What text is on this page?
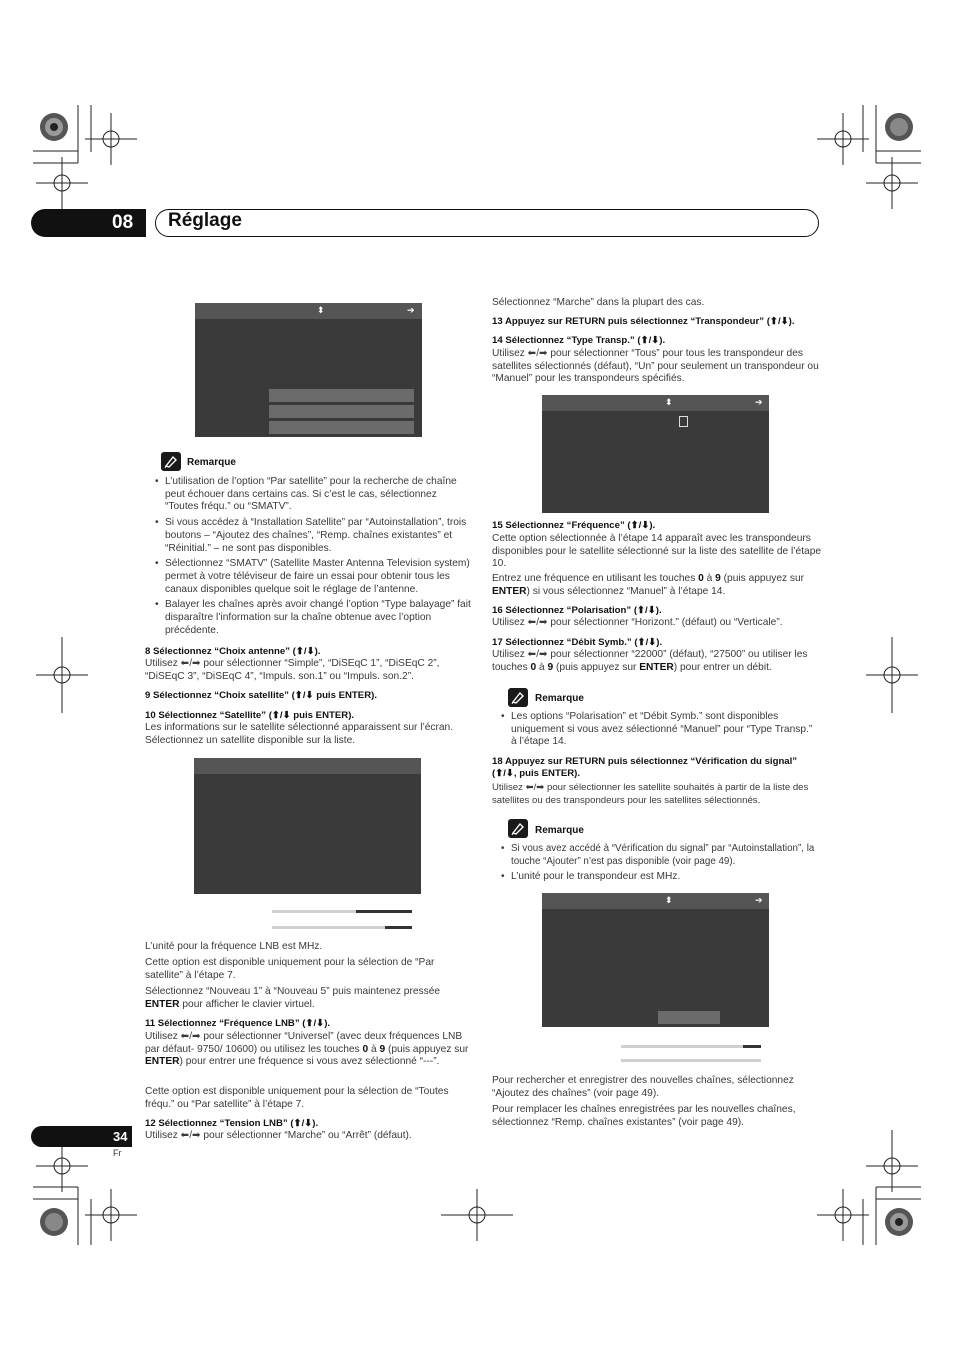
08 Réglage
⬍	➔
Remarque
• L’utilisation de l’option “Par satellite” pour la recherche de chaîne peut échouer dans certains cas. Si c’est le cas, sélectionnez “Toutes fréqu.” ou “SMATV”.
• Si vous accédez à “Installation Satellite” par “Autoinstallation”, trois boutons – “Ajoutez des chaînes”, “Remp. chaînes existantes” et “Réinitial.” – ne sont pas disponibles.
• Sélectionnez “SMATV” (Satellite Master Antenna Television system) permet à votre téléviseur de faire un essai pour obtenir tous les canaux disponibles quelque soit le réglage de l’antenne.
• Balayer les chaînes après avoir changé l’option “Type balayage” fait disparaître l’information sur la chaîne obtenue avec l’option précédente.
8 Sélectionnez “Choix antenne” (⬆/⬇).
Utilisez ⬅/➡ pour sélectionner “Simple”, “DiSEqC 1”, “DiSEqC 2”, “DiSEqC 3”, “DiSEqC 4”, “Impuls. son.1” ou “Impuls. son.2”.
9 Sélectionnez “Choix satellite” (⬆/⬇ puis ENTER).
10 Sélectionnez “Satellite” (⬆/⬇ puis ENTER).
Les informations sur le satellite sélectionné apparaissent sur l’écran. Sélectionnez un satellite disponible sur la liste.
L’unité pour la fréquence LNB est MHz.
Cette option est disponible uniquement pour la sélection de “Par satellite” à l’étape 7.
Sélectionnez “Nouveau 1” à “Nouveau 5” puis maintenez pressée ENTER pour afficher le clavier virtuel.
11 Sélectionnez “Fréquence LNB” (⬆/⬇).
Utilisez ⬅/➡ pour sélectionner “Universel” (avec deux fréquences LNB par défaut- 9750/ 10600) ou utilisez les touches 0 à 9 (puis appuyez sur ENTER) pour entrer une fréquence si vous avez sélectionné “---”.
Cette option est disponible uniquement pour la sélection de “Toutes fréqu.” ou “Par satellite” à l’étape 7.
12 Sélectionnez “Tension LNB” (⬆/⬇).
Utilisez ⬅/➡ pour sélectionner “Marche” ou “Arrêt” (défaut).
Sélectionnez “Marche” dans la plupart des cas.
13 Appuyez sur RETURN puis sélectionnez “Transpondeur” (⬆/⬇).
14 Sélectionnez “Type Transp.” (⬆/⬇).
Utilisez ⬅/➡ pour sélectionner “Tous” pour tous les transpondeur des satellites sélectionnés (défaut), “Un” pour seulement un transpondeur ou “Manuel” pour les transpondeurs spécifiés.
⬍	➔
15 Sélectionnez “Fréquence” (⬆/⬇).
Cette option sélectionnée à l’étape 14 apparaît avec les transpondeurs disponibles pour le satellite sélectionné sur la liste des satellite de l’étape 10.
Entrez une fréquence en utilisant les touches 0 à 9 (puis appuyez sur ENTER) si vous sélectionnez “Manuel” à l’étape 14.
16 Sélectionnez “Polarisation” (⬆/⬇).
Utilisez ⬅/➡ pour sélectionner “Horizont.” (défaut) ou “Verticale”.
17 Sélectionnez “Débit Symb.” (⬆/⬇).
Utilisez ⬅/➡ pour sélectionner “22000” (défaut), “27500” ou utiliser les touches 0 à 9 (puis appuyez sur ENTER) pour entrer un débit.
Remarque
• Les options “Polarisation” et “Débit Symb.” sont disponibles uniquement si vous avez sélectionné “Manuel” pour “Type Transp.” à l’étape 14.
18 Appuyez sur RETURN puis sélectionnez “Vérification du signal” (⬆/⬇, puis ENTER).
Utilisez ⬅/➡ pour sélectionner les satellite souhaités à partir de la liste des satellites ou des transpondeurs pour les satellites sélectionnés.
Remarque
• Si vous avez accédé à “Vérification du signal” par “Autoinstallation”, la touche “Ajouter” n’est pas disponible (voir page 49).
• L’unité pour le transpondeur est MHz.
⬍	➔
Pour rechercher et enregistrer des nouvelles chaînes, sélectionnez “Ajoutez des chaînes” (voir page 49).
Pour remplacer les chaînes enregistrées par les nouvelles chaînes, sélectionnez “Remp. chaînes existantes” (voir page 49).
34
Fr
